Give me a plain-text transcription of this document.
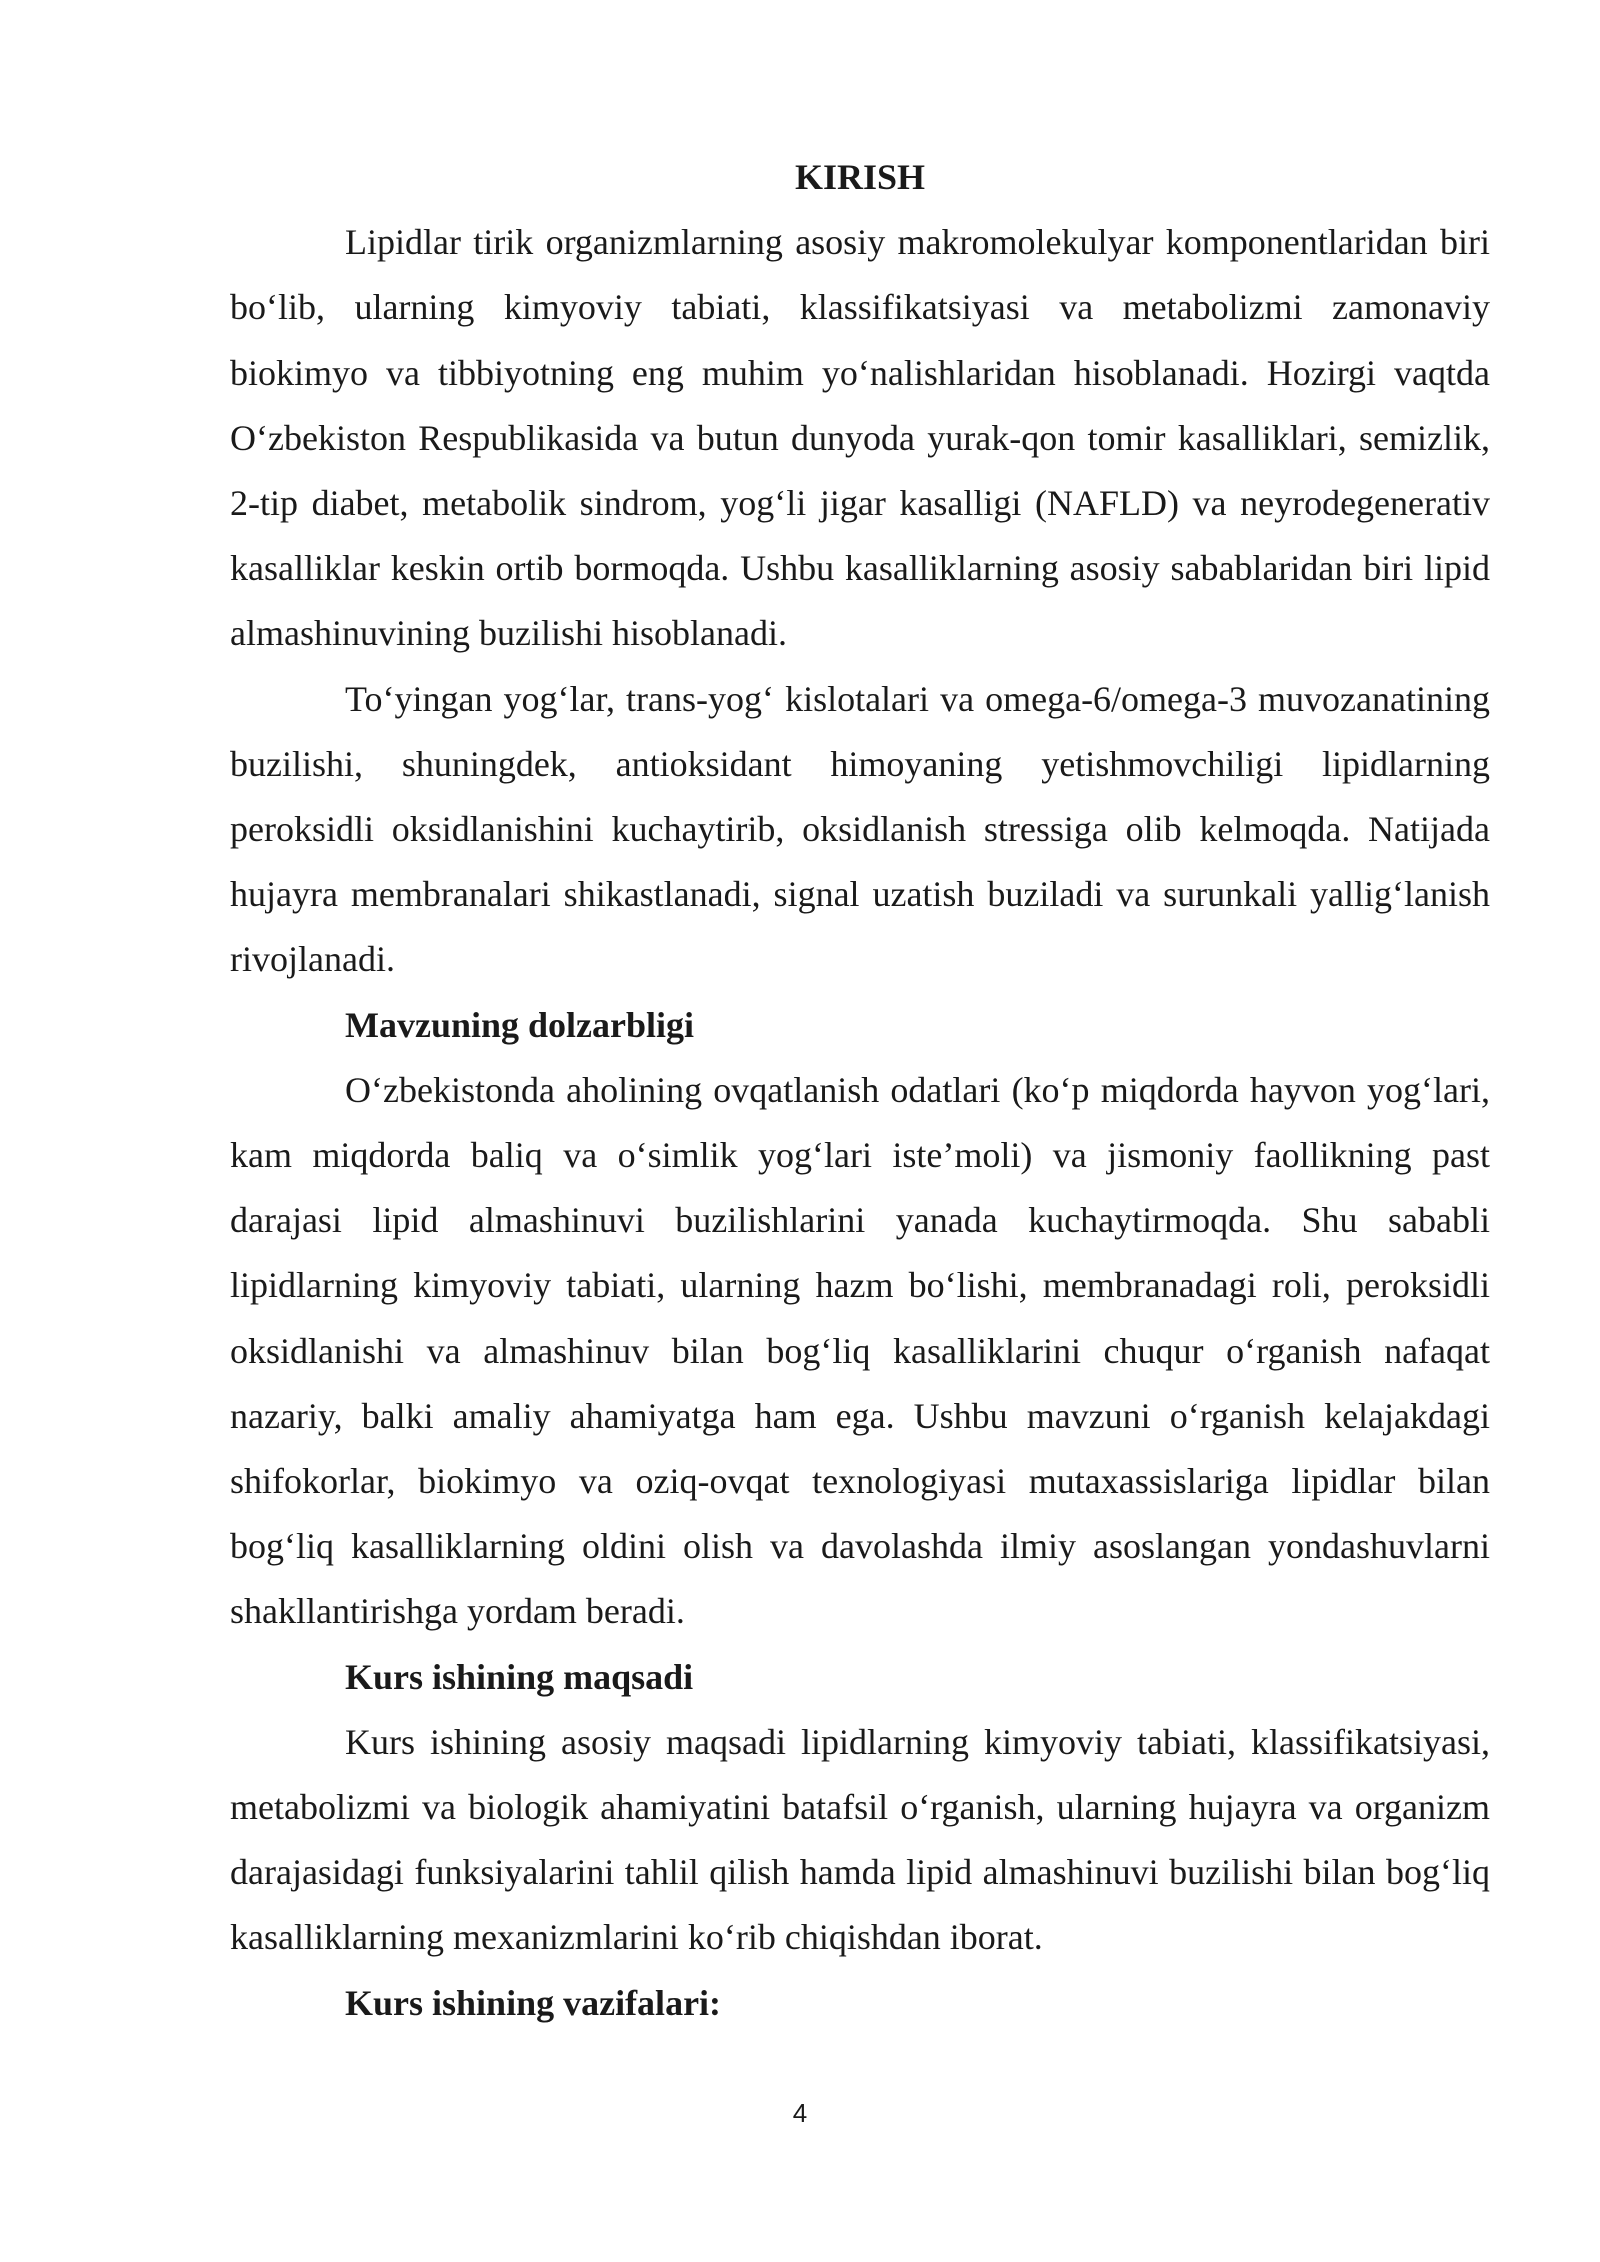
KIRISH

Lipidlar tirik organizmlarning asosiy makromolekulyar komponentlaridan biri bo‘lib, ularning kimyoviy tabiati, klassifikatsiyasi va metabolizmi zamonaviy biokimyo va tibbiyotning eng muhim yo‘nalishlaridan hisoblanadi. Hozirgi vaqtda O‘zbekiston Respublikasida va butun dunyoda yurak-qon tomir kasalliklari, semizlik, 2-tip diabet, metabolik sindrom, yog‘li jigar kasalligi (NAFLD) va neyrodegenerativ kasalliklar keskin ortib bormoqda. Ushbu kasalliklarning asosiy sabablaridan biri lipid almashinuvining buzilishi hisoblanadi.

To‘yingan yog‘lar, trans-yog‘ kislotalari va omega-6/omega-3 muvozanatining buzilishi, shuningdek, antioksidant himoyaning yetishmovchiligi lipidlarning peroksidli oksidlanishini kuchaytirib, oksidlanish stressiga olib kelmoqda. Natijada hujayra membranalari shikastlanadi, signal uzatish buziladi va surunkali yallig‘lanish rivojlanadi.

Mavzuning dolzarbligi

O‘zbekistonda aholining ovqatlanish odatlari (ko‘p miqdorda hayvon yog‘lari, kam miqdorda baliq va o‘simlik yog‘lari iste’moli) va jismoniy faollikning past darajasi lipid almashinuvi buzilishlarini yanada kuchaytirmoqda. Shu sababli lipidlarning kimyoviy tabiati, ularning hazm bo‘lishi, membranadagi roli, peroksidli oksidlanishi va almashinuv bilan bog‘liq kasalliklarini chuqur o‘rganish nafaqat nazariy, balki amaliy ahamiyatga ham ega. Ushbu mavzuni o‘rganish kelajakdagi shifokorlar, biokimyo va oziq-ovqat texnologiyasi mutaxassislariga lipidlar bilan bog‘liq kasalliklarning oldini olish va davolashda ilmiy asoslangan yondashuvlarni shakllantirishga yordam beradi.

Kurs ishining maqsadi

Kurs ishining asosiy maqsadi lipidlarning kimyoviy tabiati, klassifikatsiyasi, metabolizmi va biologik ahamiyatini batafsil o‘rganish, ularning hujayra va organizm darajasidagi funksiyalarini tahlil qilish hamda lipid almashinuvi buzilishi bilan bog‘liq kasalliklarning mexanizmlarini ko‘rib chiqishdan iborat.

Kurs ishining vazifalari:

4
